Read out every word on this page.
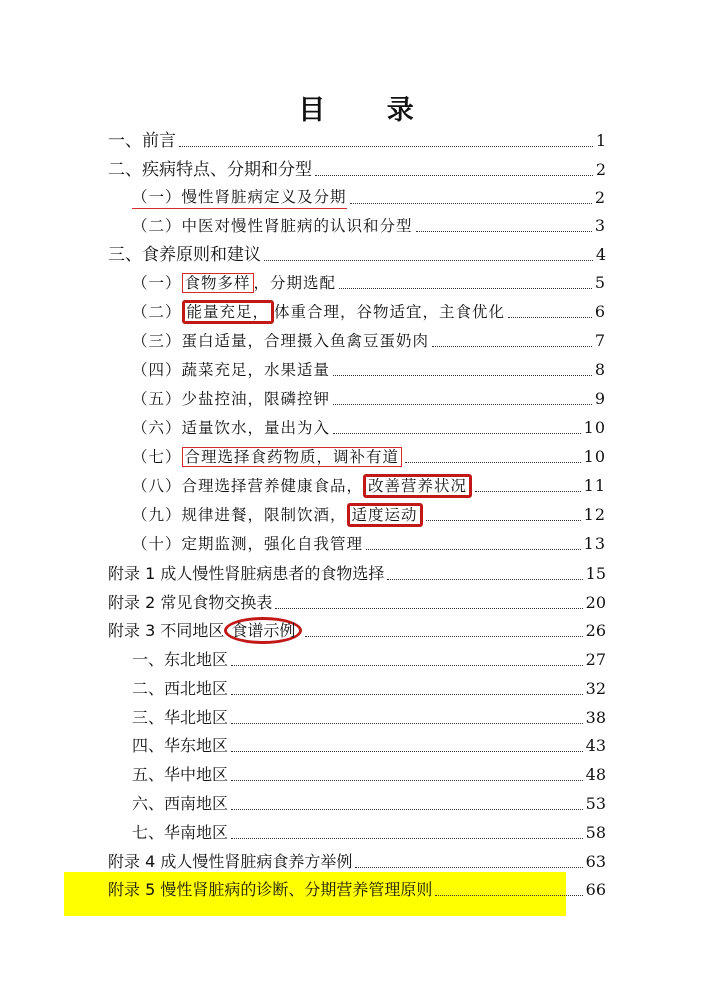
目 录
一、前言	1
二、疾病特点、分期和分型	2
（一）慢性肾脏病定义及分期	2
（二）中医对慢性肾脏病的认识和分型	3
三、食养原则和建议	4
（一） 食物多样 ，分期选配	5
（二） 能量充足， 体重合理，谷物适宜，主食优化	6
（三）蛋白适量，合理摄入鱼禽豆蛋奶肉	7
（四）蔬菜充足，水果适量	8
（五）少盐控油，限磷控钾	9
（六）适量饮水，量出为入	10
（七） 合理选择食药物质，调补有道	10
（八）合理选择营养健康食品， 改善营养状况	11
（九）规律进餐，限制饮酒， 适度运动	12
（十）定期监测，强化自我管理	13
附录 1 成人慢性肾脏病患者的食物选择	15
附录 2 常见食物交换表	20
附录 3 不同地区 食谱示例	26
一、东北地区	27
二、西北地区	32
三、华北地区	38
四、华东地区	43
五、华中地区	48
六、西南地区	53
七、华南地区	58
附录 4 成人慢性肾脏病食养方举例	63
附录 5 慢性肾脏病的诊断、分期营养管理原则	66
